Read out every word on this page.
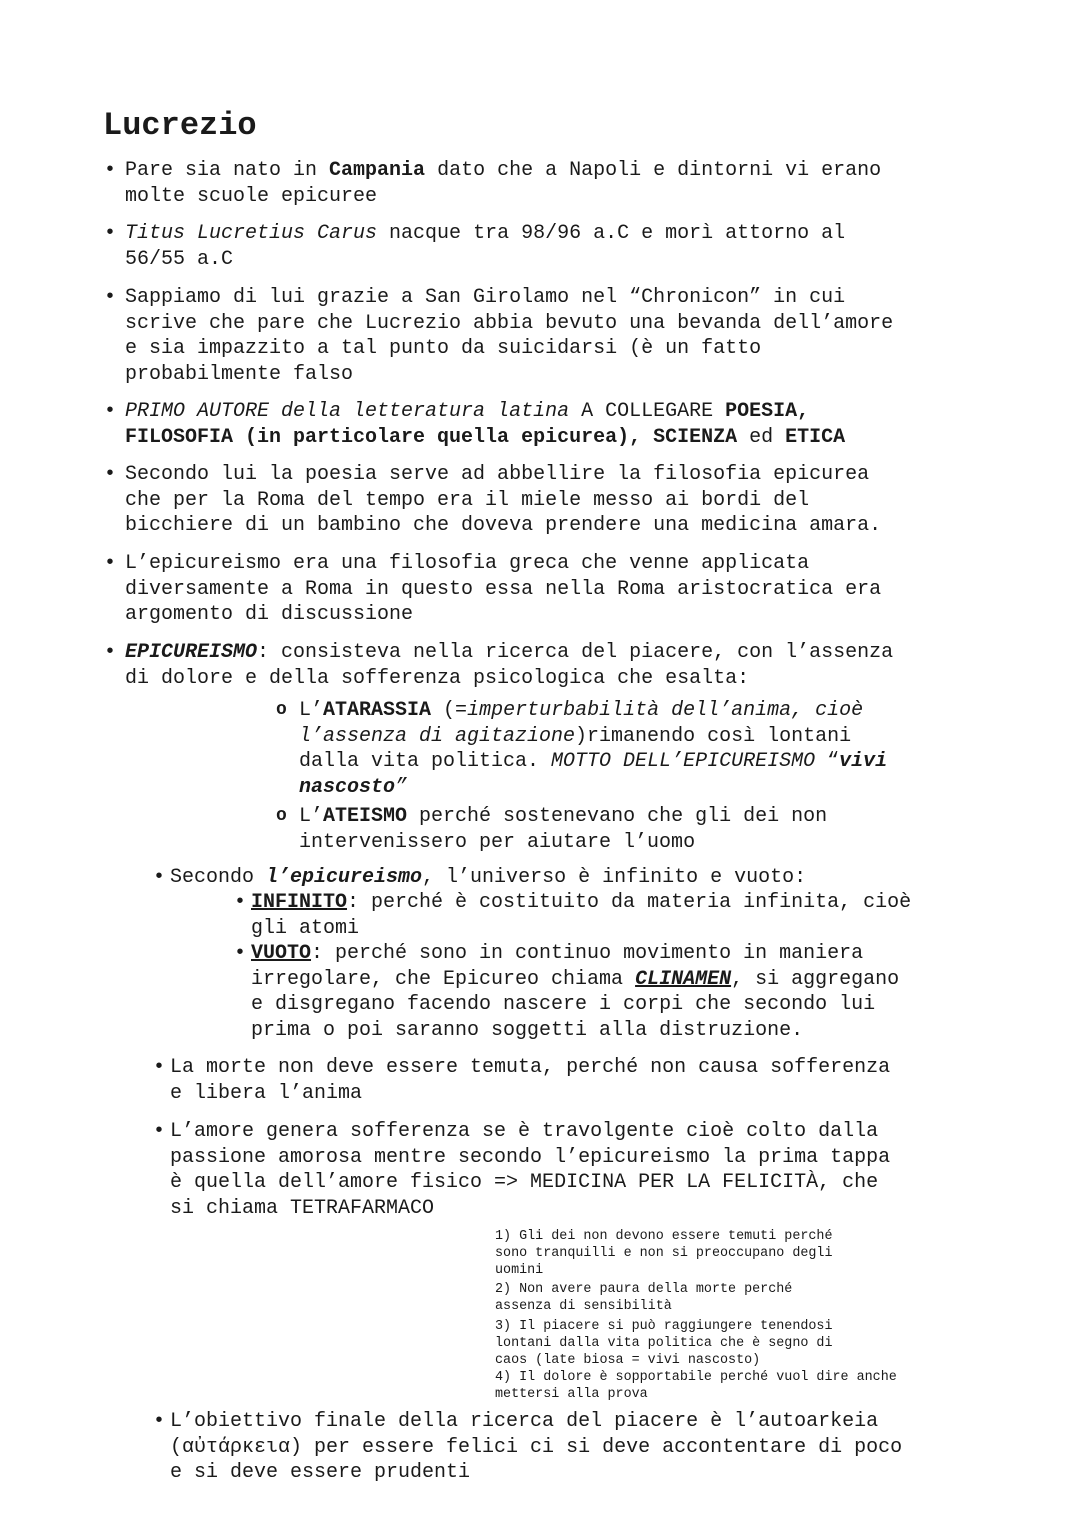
Lucrezio
• Pare sia nato in Campania dato che a Napoli e dintorni vi erano
molte scuole epicuree
• Titus Lucretius Carus nacque tra 98/96 a.C e morì attorno al
56/55 a.C
• Sappiamo di lui grazie a San Girolamo nel “Chronicon” in cui
scrive che pare che Lucrezio abbia bevuto una bevanda dell’amore
e sia impazzito a tal punto da suicidarsi (è un fatto
probabilmente falso
• PRIMO AUTORE della letteratura latina A COLLEGARE POESIA,
FILOSOFIA (in particolare quella epicurea), SCIENZA ed ETICA
• Secondo lui la poesia serve ad abbellire la filosofia epicurea
che per la Roma del tempo era il miele messo ai bordi del
bicchiere di un bambino che doveva prendere una medicina amara.
• L’epicureismo era una filosofia greca che venne applicata
diversamente a Roma in questo essa nella Roma aristocratica era
argomento di discussione
• EPICUREISMO: consisteva nella ricerca del piacere, con l’assenza
di dolore e della sofferenza psicologica che esalta:
o L’ATARASSIA (=imperturbabilità dell’anima, cioè
l’assenza di agitazione)rimanendo così lontani
dalla vita politica. MOTTO DELL’EPICUREISMO “vivi
nascosto”
o L’ATEISMO perché sostenevano che gli dei non
intervenissero per aiutare l’uomo
• Secondo l’epicureismo, l’universo è infinito e vuoto:
• INFINITO: perché è costituito da materia infinita, cioè
gli atomi
• VUOTO: perché sono in continuo movimento in maniera
irregolare, che Epicureo chiama CLINAMEN, si aggregano
e disgregano facendo nascere i corpi che secondo lui
prima o poi saranno soggetti alla distruzione.
• La morte non deve essere temuta, perché non causa sofferenza
e libera l’anima
• L’amore genera sofferenza se è travolgente cioè colto dalla
passione amorosa mentre secondo l’epicureismo la prima tappa
è quella dell’amore fisico => MEDICINA PER LA FELICITÀ, che
si chiama TETRAFARMACO
1) Gli dei non devono essere temuti perché
sono tranquilli e non si preoccupano degli
uomini
2) Non avere paura della morte perché
assenza di sensibilità
3) Il piacere si può raggiungere tenendosi
lontani dalla vita politica che è segno di
caos (late biosa = vivi nascosto)
4) Il dolore è sopportabile perché vuol dire anche
mettersi alla prova
• L’obiettivo finale della ricerca del piacere è l’autoarkeia
(αὐτάρκεια) per essere felici ci si deve accontentare di poco
e si deve essere prudenti
